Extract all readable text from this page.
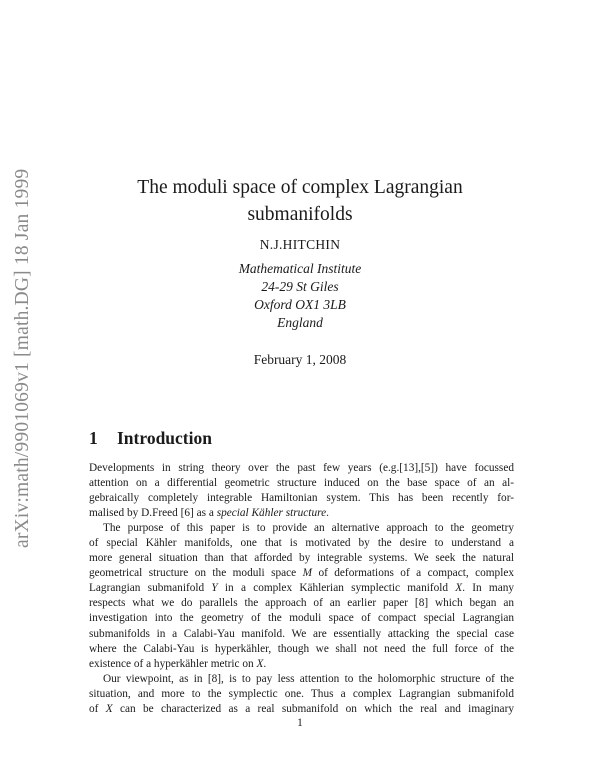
arXiv:math/9901069v1 [math.DG] 18 Jan 1999	The moduli space of complex Lagrangian
submanifolds
N.J.HITCHIN
Mathematical Institute
24-29 St Giles
Oxford OX1 3LB
England
February 1, 2008
1 Introduction
Developments in string theory over the past few years (e.g.[13],[5]) have focussed
attention on a differential geometric structure induced on the base space of an al-
gebraically completely integrable Hamiltonian system. This has been recently for-
malised by D.Freed [6] as a special Kähler structure.
The purpose of this paper is to provide an alternative approach to the geometry
of special Kähler manifolds, one that is motivated by the desire to understand a
more general situation than that afforded by integrable systems. We seek the natural
geometrical structure on the moduli space M of deformations of a compact, complex
Lagrangian submanifold Y in a complex Kählerian symplectic manifold X. In many
respects what we do parallels the approach of an earlier paper [8] which began an
investigation into the geometry of the moduli space of compact special Lagrangian
submanifolds in a Calabi-Yau manifold. We are essentially attacking the special case
where the Calabi-Yau is hyperkähler, though we shall not need the full force of the
existence of a hyperkähler metric on X.
Our viewpoint, as in [8], is to pay less attention to the holomorphic structure of the
situation, and more to the symplectic one. Thus a complex Lagrangian submanifold
of X can be characterized as a real submanifold on which the real and imaginary
1
